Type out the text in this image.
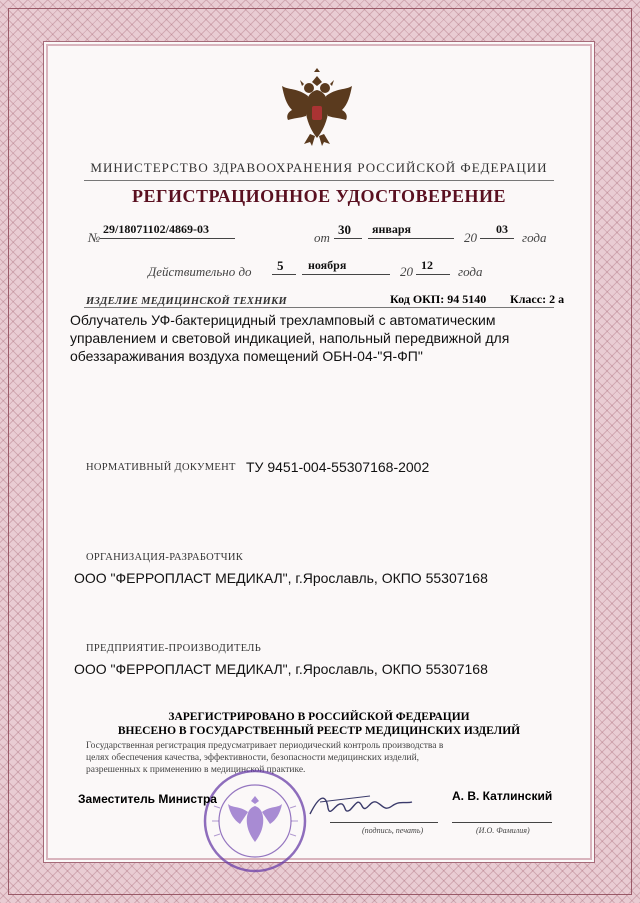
МИНИСТЕРСТВО ЗДРАВООХРАНЕНИЯ РОССИЙСКОЙ ФЕДЕРАЦИИ
РЕГИСТРАЦИОННОЕ УДОСТОВЕРЕНИЕ
№
29/18071102/4869-03
от
30 января
20
03
года
Действительно до 5 ноября	20 12 года
ИЗДЕЛИЕ МЕДИЦИНСКОЙ ТЕХНИКИ	Код ОКП: 94 5140 Класс: 2 а
Облучатель УФ-бактерицидный трехламповый с автоматическим
управлением и световой индикацией, напольный передвижной для
обеззараживания воздуха помещений ОБН-04-"Я-ФП"
НОРМАТИВНЫЙ ДОКУМЕНТ ТУ 9451-004-55307168-2002
ОРГАНИЗАЦИЯ-РАЗРАБОТЧИК
ООО "ФЕРРОПЛАСТ МЕДИКАЛ", г.Ярославль, ОКПО 55307168
ПРЕДПРИЯТИЕ-ПРОИЗВОДИТЕЛЬ
ООО "ФЕРРОПЛАСТ МЕДИКАЛ", г.Ярославль, ОКПО 55307168
ЗАРЕГИСТРИРОВАНО В РОССИЙСКОЙ ФЕДЕРАЦИИ
ВНЕСЕНО В ГОСУДАРСТВЕННЫЙ РЕЕСТР МЕДИЦИНСКИХ ИЗДЕЛИЙ
Государственная регистрация предусматривает периодический контроль производства в
целях обеспечения качества, эффективности, безопасности медицинских изделий,
разрешенных к применению в медицинской практике.
Заместитель Министра	А. В. Катлинский
(подпись, печать)	(И.О. Фамилия)
